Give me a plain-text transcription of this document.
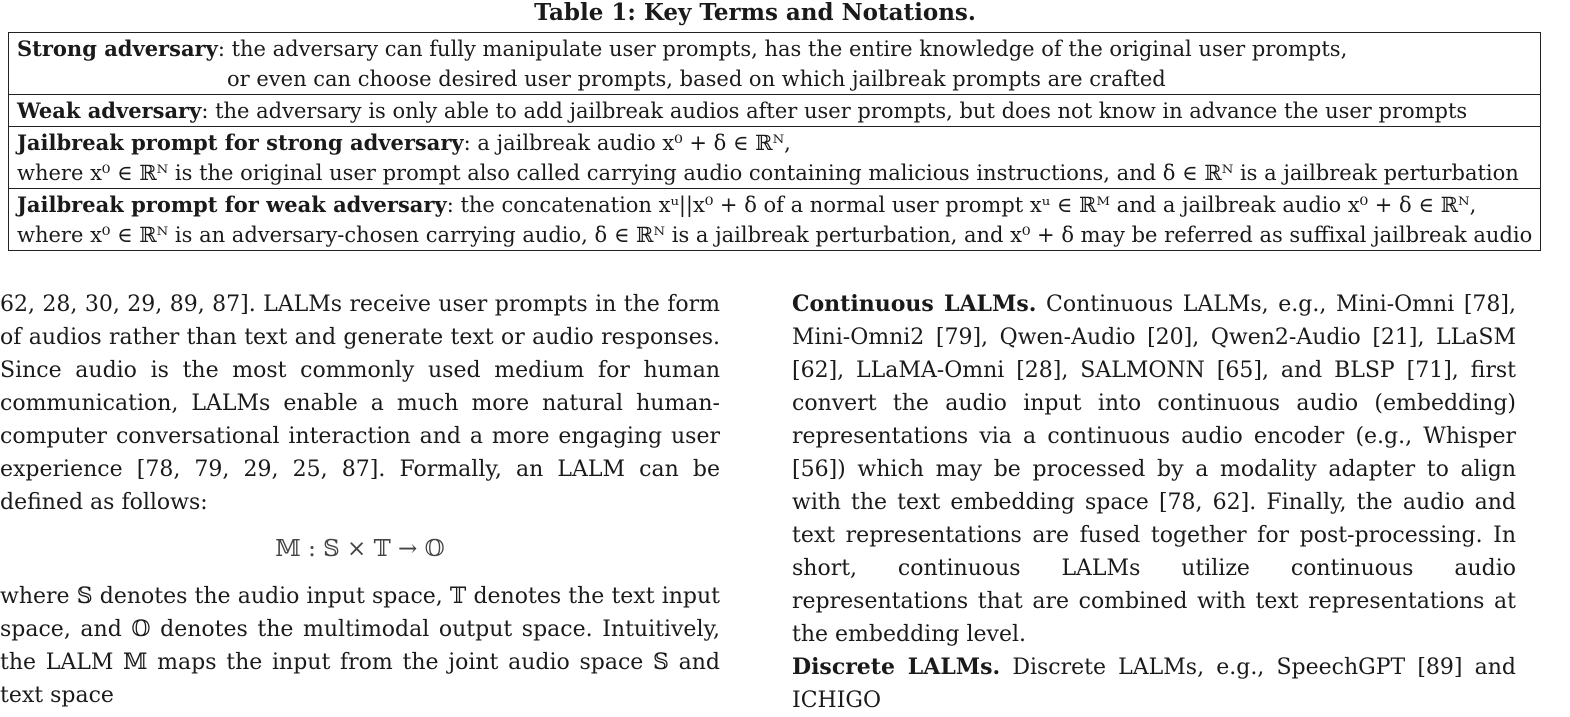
Table 1: Key Terms and Notations.
Strong adversary: the adversary can fully manipulate user prompts, has the entire knowledge of the original user prompts,
or even can choose desired user prompts, based on which jailbreak prompts are crafted
Weak adversary: the adversary is only able to add jailbreak audios after user prompts, but does not know in advance the user prompts
Jailbreak prompt for strong adversary: a jailbreak audio x⁰ + δ ∈ ℝᴺ,
where x⁰ ∈ ℝᴺ is the original user prompt also called carrying audio containing malicious instructions, and δ ∈ ℝᴺ is a jailbreak perturbation
Jailbreak prompt for weak adversary: the concatenation xᵘ||x⁰ + δ of a normal user prompt xᵘ ∈ ℝᴹ and a jailbreak audio x⁰ + δ ∈ ℝᴺ,
where x⁰ ∈ ℝᴺ is an adversary-chosen carrying audio, δ ∈ ℝᴺ is a jailbreak perturbation, and x⁰ + δ may be referred as suffixal jailbreak audio

62, 28, 30, 29, 89, 87]. LALMs receive user prompts in the form of audios rather than text and generate text or audio responses. Since audio is the most commonly used medium for human communication, LALMs enable a much more natural human-computer conversational interaction and a more engaging user experience [78, 79, 29, 25, 87]. Formally, an LALM can be defined as follows:

𝕄 : 𝕊 × 𝕋 → 𝕆

where 𝕊 denotes the audio input space, 𝕋 denotes the text input space, and 𝕆 denotes the multimodal output space. Intuitively, the LALM 𝕄 maps the input from the joint audio space 𝕊 and text space

Continuous LALMs. Continuous LALMs, e.g., Mini-Omni [78], Mini-Omni2 [79], Qwen-Audio [20], Qwen2-Audio [21], LLaSM [62], LLaMA-Omni [28], SALMONN [65], and BLSP [71], first convert the audio input into continuous audio (embedding) representations via a continuous audio encoder (e.g., Whisper [56]) which may be processed by a modality adapter to align with the text embedding space [78, 62]. Finally, the audio and text representations are fused together for post-processing. In short, continuous LALMs utilize continuous audio representations that are combined with text representations at the embedding level.

Discrete LALMs. Discrete LALMs, e.g., SpeechGPT [89] and ICHIGO
